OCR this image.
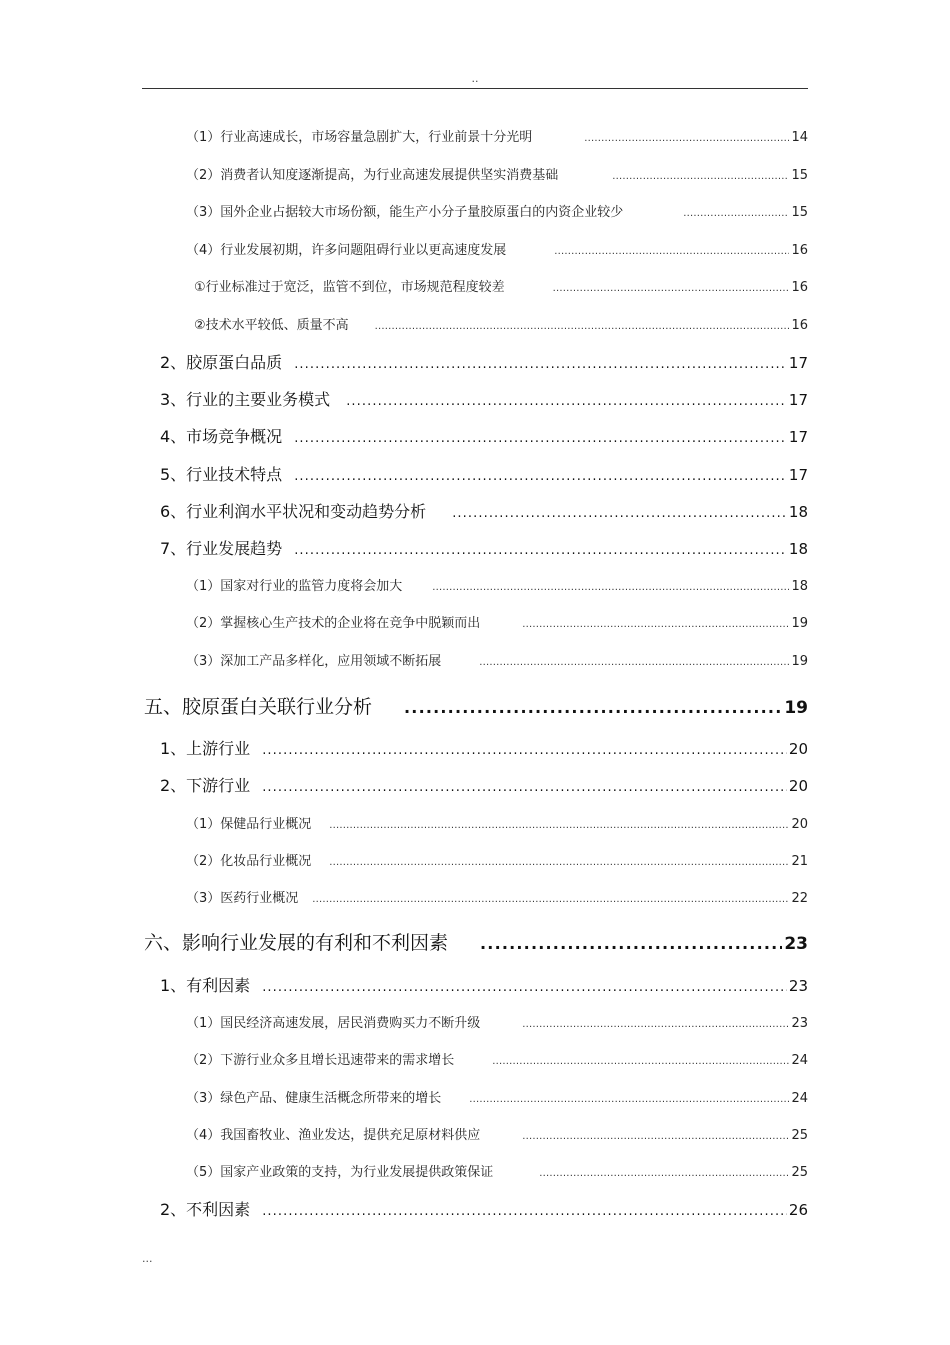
..
（1）行业高速成长，市场容量急剧扩大，行业前景十分光明 .....	14
（2）消费者认知度逐渐提高，为行业高速发展提供坚实消费基础 .....	15
（3）国外企业占据较大市场份额，能生产小分子量胶原蛋白的内资企业较少 .....	15
（4）行业发展初期，许多问题阻碍行业以更高速度发展 .....	16
①行业标准过于宽泛，监管不到位，市场规范程度较差 .....	16
②技术水平较低、质量不高 .....	16
2、胶原蛋白品质 .....	17
3、行业的主要业务模式 .....	17
4、市场竞争概况 .....	17
5、行业技术特点 .....	17
6、行业利润水平状况和变动趋势分析 .....	18
7、行业发展趋势 .....	18
（1）国家对行业的监管力度将会加大 .....	18
（2）掌握核心生产技术的企业将在竞争中脱颖而出 .....	19
（3）深加工产品多样化，应用领域不断拓展 .....	19
五、胶原蛋白关联行业分析 .....	19
1、上游行业 .....	20
2、下游行业 .....	20
（1）保健品行业概况 .....	20
（2）化妆品行业概况 .....	21
（3）医药行业概况 .....	22
六、影响行业发展的有利和不利因素 .....	23
1、有利因素 .....	23
（1）国民经济高速发展，居民消费购买力不断升级 .....	23
（2）下游行业众多且增长迅速带来的需求增长 .....	24
（3）绿色产品、健康生活概念所带来的增长 .....	24
（4）我国畜牧业、渔业发达，提供充足原材料供应 .....	25
（5）国家产业政策的支持，为行业发展提供政策保证 .....	25
2、不利因素 .....	26
...
